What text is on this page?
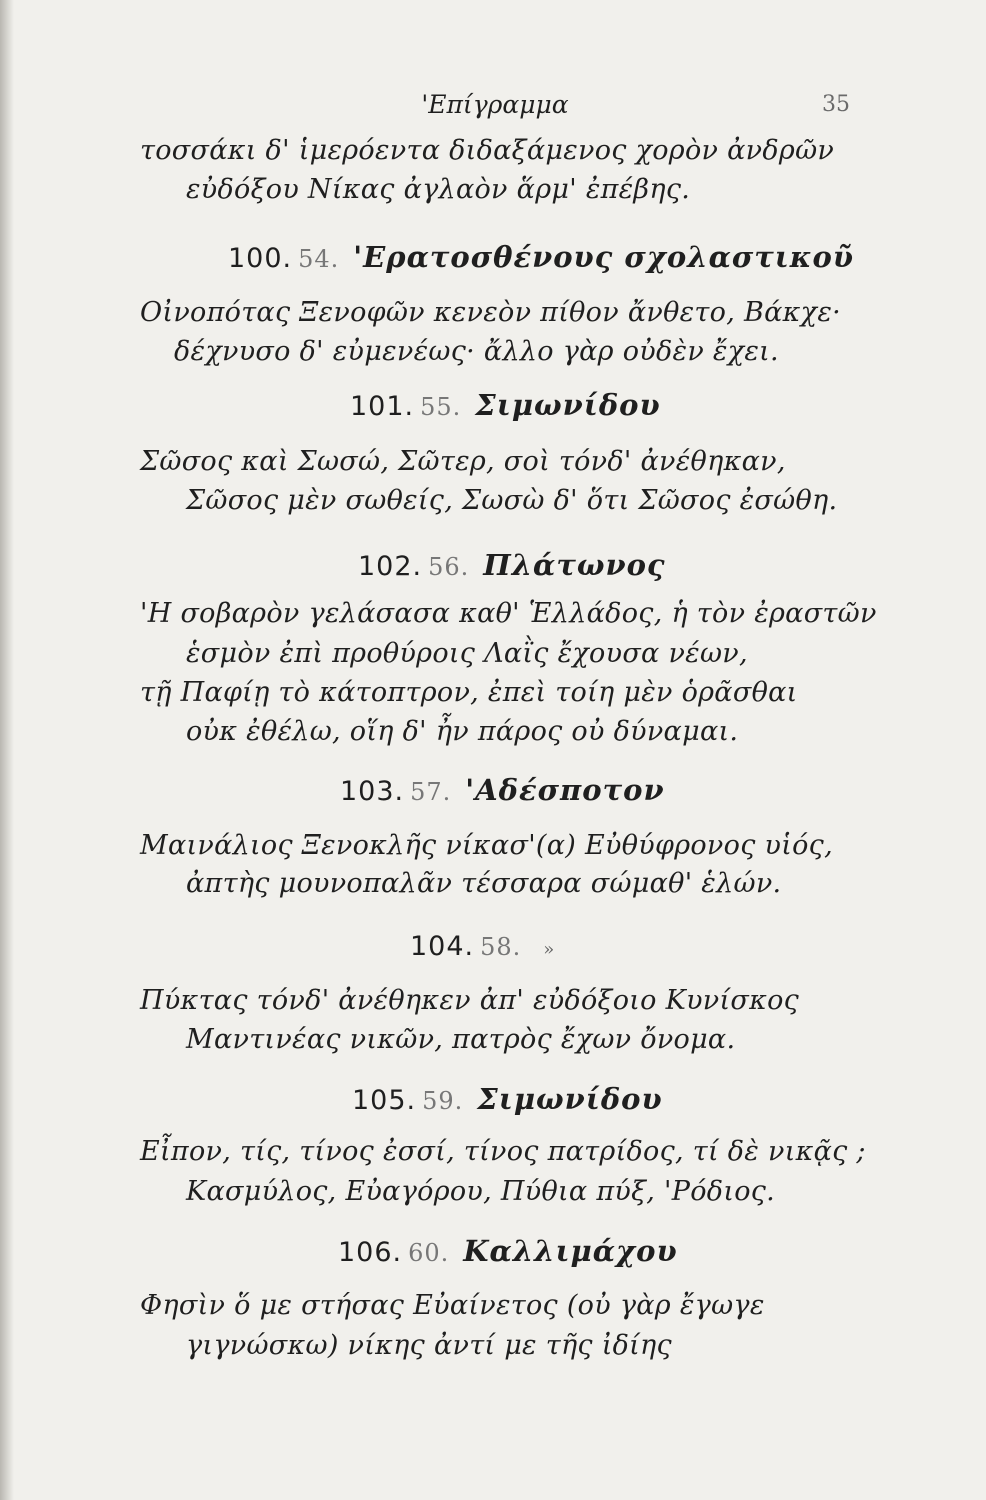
'Επίγραμμα	35
τοσσάκι δ' ἱμερόεντα διδαξάμενος χορὸν ἀνδρῶν
εὐδόξου Νίκας ἀγλαὸν ἅρμ' ἐπέβης.
100. 54. 'Ερατοσθένους σχολαστικοῦ
Οἰνοπότας Ξενοφῶν κενεὸν πίθον ἄνθετο, Βάκχε·
δέχνυσο δ' εὐμενέως· ἄλλο γὰρ οὐδὲν ἔχει.
101. 55. Σιμωνίδου
Σῶσος καὶ Σωσώ, Σῶτερ, σοὶ τόνδ' ἀνέθηκαν,
Σῶσος μὲν σωθείς, Σωσὼ δ' ὅτι Σῶσος ἐσώθη.
102. 56. Πλάτωνος
'Η σοβαρὸν γελάσασα καθ' Ἑλλάδος, ἡ τὸν ἐραστῶν
ἑσμὸν ἐπὶ προθύροις Λαῒς ἔχουσα νέων,
τῇ Παφίῃ τὸ κάτοπτρον, ἐπεὶ τοίη μὲν ὁρᾶσθαι
οὐκ ἐθέλω, οἵη δ' ἦν πάρος οὐ δύναμαι.
103. 57. 'Αδέσποτον
Μαινάλιος Ξενοκλῆς νίκασ'(α) Εὐθύφρονος υἱός,
ἀπτὴς μουνοπαλᾶν τέσσαρα σώμαθ' ἑλών.
104. 58. »
Πύκτας τόνδ' ἀνέθηκεν ἀπ' εὐδόξοιο Κυνίσκος
Μαντινέας νικῶν, πατρὸς ἔχων ὄνομα.
105. 59. Σιμωνίδου
Εἶπον, τίς, τίνος ἐσσί, τίνος πατρίδος, τί δὲ νικᾷς ;
Κασμύλος, Εὐαγόρου, Πύθια πύξ, 'Ρόδιος.
106. 60. Καλλιμάχου
Φησὶν ὅ με στήσας Εὐαίνετος (οὐ γὰρ ἔγωγε
γιγνώσκω) νίκης ἀντί με τῆς ἰδίης
